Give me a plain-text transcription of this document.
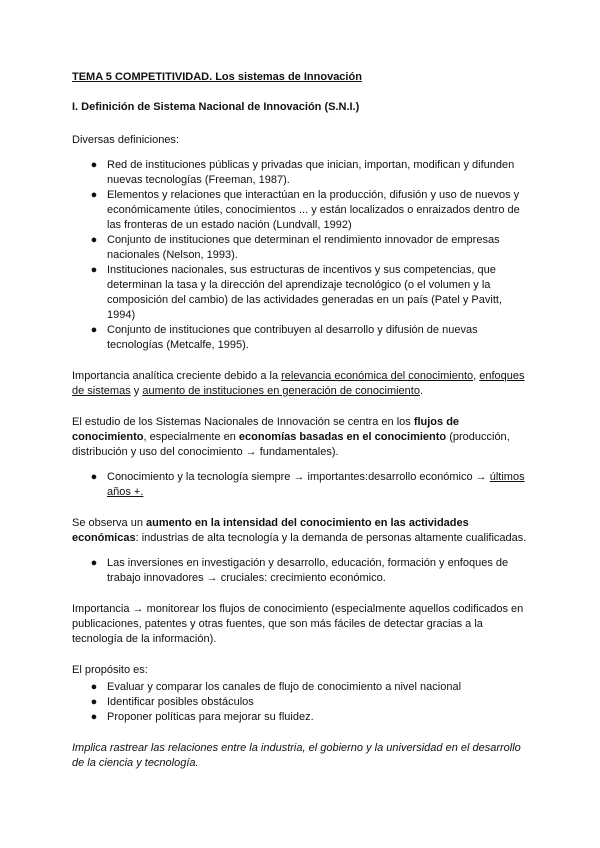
TEMA 5 COMPETITIVIDAD. Los sistemas de Innovación

I. Definición de Sistema Nacional de Innovación (S.N.I.)

Diversas definiciones:

● Red de instituciones públicas y privadas que inician, importan, modifican y difunden nuevas tecnologías (Freeman, 1987).
● Elementos y relaciones que interactúan en la producción, difusión y uso de nuevos y económicamente útiles, conocimientos ... y están localizados o enraizados dentro de las fronteras de un estado nación (Lundvall, 1992)
● Conjunto de instituciones que determinan el rendimiento innovador de empresas nacionales (Nelson, 1993).
● Instituciones nacionales, sus estructuras de incentivos y sus competencias, que determinan la tasa y la dirección del aprendizaje tecnológico (o el volumen y la composición del cambio) de las actividades generadas en un país (Patel y Pavitt, 1994)
● Conjunto de instituciones que contribuyen al desarrollo y difusión de nuevas tecnologías (Metcalfe, 1995).

Importancia analítica creciente debido a la relevancia económica del conocimiento, enfoques de sistemas y aumento de instituciones en generación de conocimiento.

El estudio de los Sistemas Nacionales de Innovación se centra en los flujos de conocimiento, especialmente en economías basadas en el conocimiento (producción, distribución y uso del conocimiento → fundamentales).

● Conocimiento y la tecnología siempre → importantes:desarrollo económico → últimos años +.

Se observa un aumento en la intensidad del conocimiento en las actividades económicas: industrias de alta tecnología y la demanda de personas altamente cualificadas.

● Las inversiones en investigación y desarrollo, educación, formación y enfoques de trabajo innovadores → cruciales: crecimiento económico.

Importancia → monitorear los flujos de conocimiento (especialmente aquellos codificados en publicaciones, patentes y otras fuentes, que son más fáciles de detectar gracias a la tecnología de la información).

El propósito es:

● Evaluar y comparar los canales de flujo de conocimiento a nivel nacional
● Identificar posibles obstáculos
● Proponer políticas para mejorar su fluidez.

Implica rastrear las relaciones entre la industria, el gobierno y la universidad en el desarrollo de la ciencia y tecnología.
